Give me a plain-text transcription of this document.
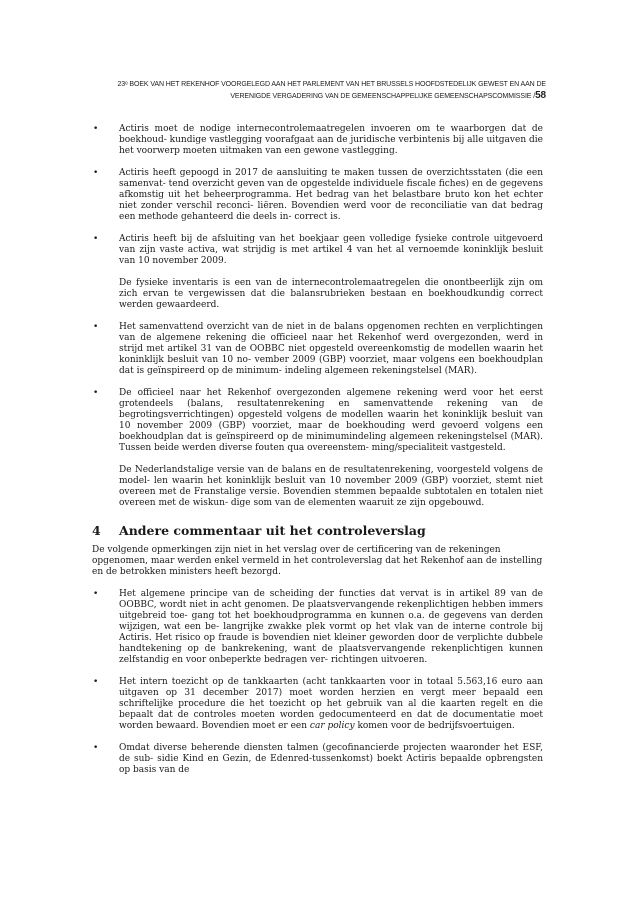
23ᵉ BOEK VAN HET REKENHOF VOORGELEGD AAN HET PARLEMENT VAN HET BRUSSELS HOOFDSTEDELIJK GEWEST EN AAN DE
VERENIGDE VERGADERING VAN DE GEMEENSCHAPPELIJKE GEMEENSCHAPSCOMMISSIE /58
• Actiris moet de nodige internecontrolemaatregelen invoeren om te waarborgen dat de boekhoud- kundige vastlegging voorafgaat aan de juridische verbintenis bij alle uitgaven die het voorwerp moeten uitmaken van een gewone vastlegging.

• Actiris heeft gepoogd in 2017 de aansluiting te maken tussen de overzichtsstaten (die een samenvat- tend overzicht geven van de opgestelde individuele fiscale fiches) en de gegevens afkomstig uit het beheerprogramma. Het bedrag van het belastbare bruto kon het echter niet zonder verschil reconci- liëren. Bovendien werd voor de reconciliatie van dat bedrag een methode gehanteerd die deels in- correct is.

• Actiris heeft bij de afsluiting van het boekjaar geen volledige fysieke controle uitgevoerd van zijn vaste activa, wat strijdig is met artikel 4 van het al vernoemde koninklijk besluit van 10 november 2009.

De fysieke inventaris is een van de internecontrolemaatregelen die onontbeerlijk zijn om zich ervan te vergewissen dat die balansrubrieken bestaan en boekhoudkundig correct werden gewaardeerd.

• Het samenvattend overzicht van de niet in de balans opgenomen rechten en verplichtingen van de algemene rekening die officieel naar het Rekenhof werd overgezonden, werd in strijd met artikel 31 van de OOBBC niet opgesteld overeenkomstig de modellen waarin het koninklijk besluit van 10 no- vember 2009 (GBP) voorziet, maar volgens een boekhoudplan dat is geïnspireerd op de minimum- indeling algemeen rekeningstelsel (MAR).

• De officieel naar het Rekenhof overgezonden algemene rekening werd voor het eerst grotendeels (balans, resultatenrekening en samenvattende rekening van de begrotingsverrichtingen) opgesteld volgens de modellen waarin het koninklijk besluit van 10 november 2009 (GBP) voorziet, maar de boekhouding werd gevoerd volgens een boekhoudplan dat is geïnspireerd op de minimumindeling algemeen rekeningstelsel (MAR). Tussen beide werden diverse fouten qua overeenstem- ming/specialiteit vastgesteld.

De Nederlandstalige versie van de balans en de resultatenrekening, voorgesteld volgens de model- len waarin het koninklijk besluit van 10 november 2009 (GBP) voorziet, stemt niet overeen met de Franstalige versie. Bovendien stemmen bepaalde subtotalen en totalen niet overeen met de wiskun- dige som van de elementen waaruit ze zijn opgebouwd.

4	Andere commentaar uit het controleverslag

De volgende opmerkingen zijn niet in het verslag over de certificering van de rekeningen opgenomen, maar werden enkel vermeld in het controleverslag dat het Rekenhof aan de instelling en de betrokken ministers heeft bezorgd.

• Het algemene principe van de scheiding der functies dat vervat is in artikel 89 van de OOBBC, wordt niet in acht genomen. De plaatsvervangende rekenplichtigen hebben immers uitgebreid toe- gang tot het boekhoudprogramma en kunnen o.a. de gegevens van derden wijzigen, wat een be- langrijke zwakke plek vormt op het vlak van de interne controle bij Actiris. Het risico op fraude is bovendien niet kleiner geworden door de verplichte dubbele handtekening op de bankrekening, want de plaatsvervangende rekenplichtigen kunnen zelfstandig en voor onbeperkte bedragen ver- richtingen uitvoeren.

• Het intern toezicht op de tankkaarten (acht tankkaarten voor in totaal 5.563,16 euro aan uitgaven op 31 december 2017) moet worden herzien en vergt meer bepaald een schriftelijke procedure die het toezicht op het gebruik van al die kaarten regelt en die bepaalt dat de controles moeten worden gedocumenteerd en dat de documentatie moet worden bewaard. Bovendien moet er een car policy komen voor de bedrijfsvoertuigen.

• Omdat diverse beherende diensten talmen (gecofinancierde projecten waaronder het ESF, de sub- sidie Kind en Gezin, de Edenred-tussenkomst) boekt Actiris bepaalde opbrengsten op basis van de
